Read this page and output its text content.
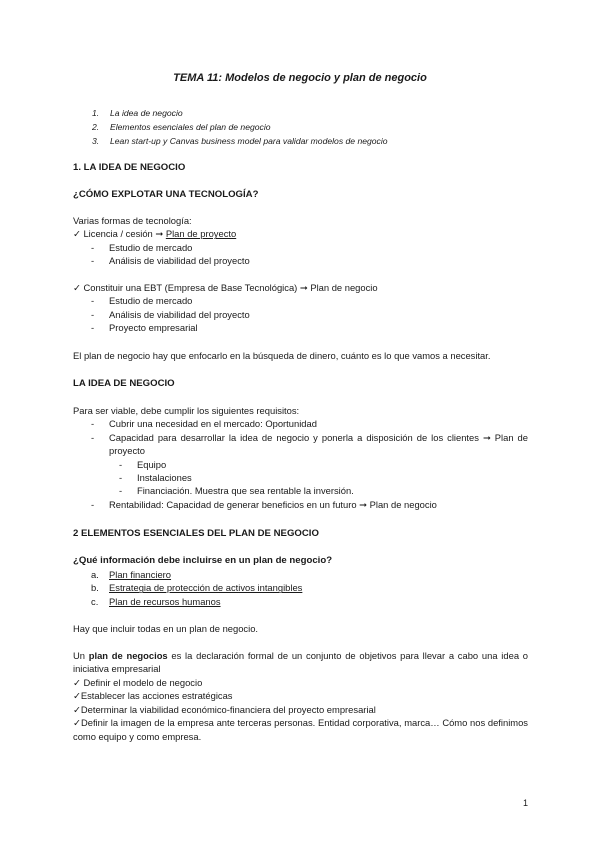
TEMA 11: Modelos de negocio y plan de negocio
1. La idea de negocio
2. Elementos esenciales del plan de negocio
3. Lean start-up y Canvas business model para validar modelos de negocio
1. LA IDEA DE NEGOCIO
¿CÓMO EXPLOTAR UNA TECNOLOGÍA?
Varias formas de tecnología:
✓ Licencia / cesión ➞ Plan de proyecto
-	Estudio de mercado
-	Análisis de viabilidad del proyecto
✓ Constituir una EBT (Empresa de Base Tecnológica) ➞ Plan de negocio
-	Estudio de mercado
-	Análisis de viabilidad del proyecto
-	Proyecto empresarial
El plan de negocio hay que enfocarlo en la búsqueda de dinero, cuánto es lo que vamos a necesitar.
LA IDEA DE NEGOCIO
Para ser viable, debe cumplir los siguientes requisitos:
-	Cubrir una necesidad en el mercado: Oportunidad
-	Capacidad para desarrollar la idea de negocio y ponerla a disposición de los clientes ➞ Plan de proyecto
-	Equipo
-	Instalaciones
-	Financiación. Muestra que sea rentable la inversión.
-	Rentabilidad: Capacidad de generar beneficios en un futuro ➞ Plan de negocio
2 ELEMENTOS ESENCIALES DEL PLAN DE NEGOCIO
¿Qué información debe incluirse en un plan de negocio?
a. Plan financiero
b. Estrategia de protección de activos intangibles
c. Plan de recursos humanos
Hay que incluir todas en un plan de negocio.
Un plan de negocios es la declaración formal de un conjunto de objetivos para llevar a cabo una idea o iniciativa empresarial
✓ Definir el modelo de negocio
✓Establecer las acciones estratégicas
✓Determinar la viabilidad económico-financiera del proyecto empresarial
✓Definir la imagen de la empresa ante terceras personas. Entidad corporativa, marca… Cómo nos definimos como equipo y como empresa.
1
